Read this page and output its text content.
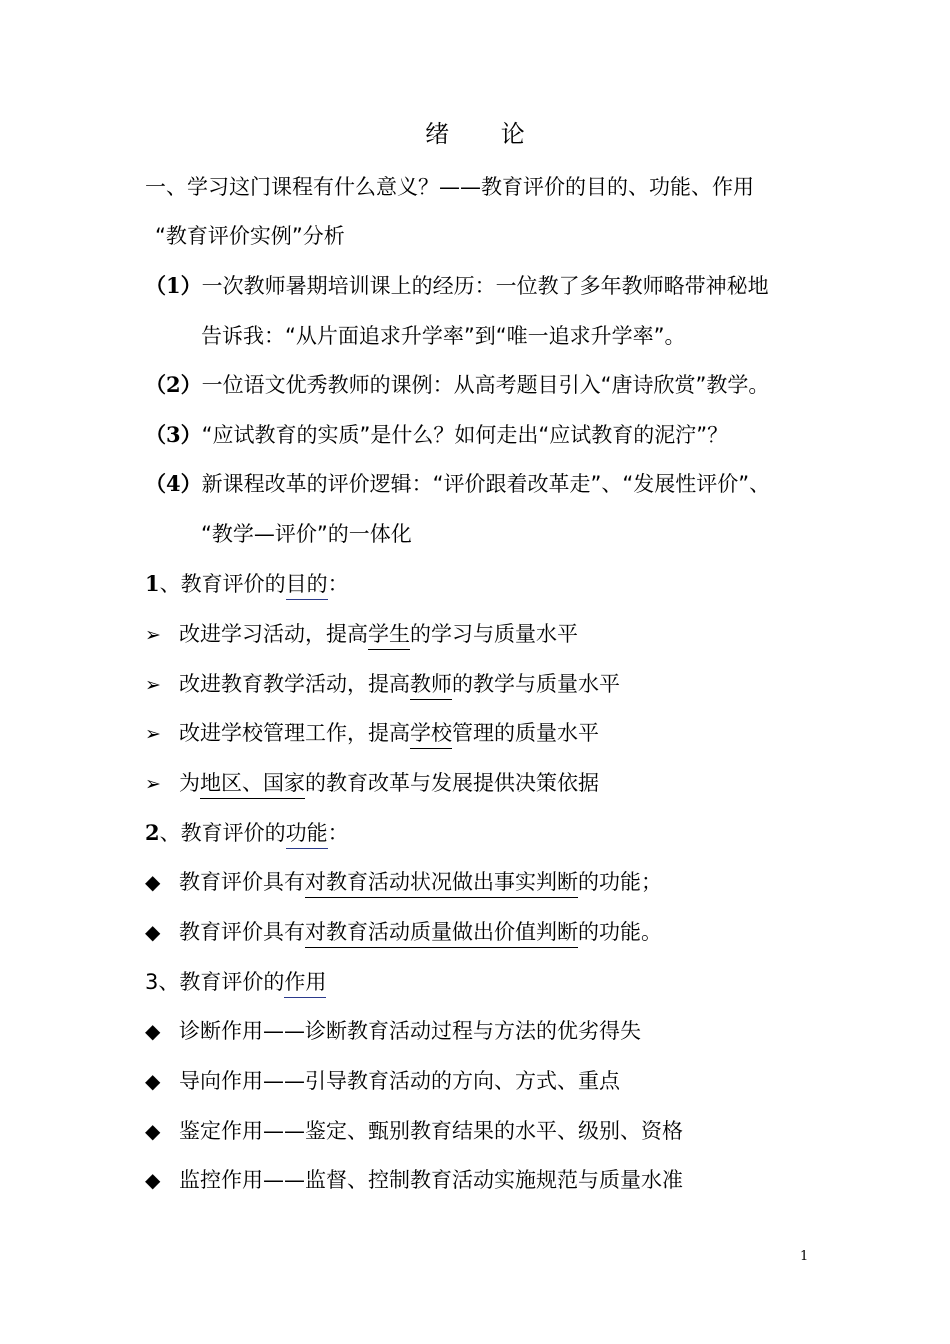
绪 论
一、学习这门课程有什么意义？——教育评价的目的、功能、作用
“教育评价实例”分析
（1）一次教师暑期培训课上的经历：一位教了多年教师略带神秘地
告诉我：“从片面追求升学率”到“唯一追求升学率”。
（2）一位语文优秀教师的课例：从高考题目引入“唐诗欣赏”教学。
（3）“应试教育的实质”是什么？如何走出“应试教育的泥泞”？
（4）新课程改革的评价逻辑：“评价跟着改革走”、“发展性评价”、
“教学—评价”的一体化
1、教育评价的目的：
➢ 改进学习活动，提高学生的学习与质量水平
➢ 改进教育教学活动，提高教师的教学与质量水平
➢ 改进学校管理工作，提高学校管理的质量水平
➢ 为地区、国家的教育改革与发展提供决策依据
2、教育评价的功能：
◆ 教育评价具有对教育活动状况做出事实判断的功能；
◆ 教育评价具有对教育活动质量做出价值判断的功能。
3、教育评价的作用
◆ 诊断作用——诊断教育活动过程与方法的优劣得失
◆ 导向作用——引导教育活动的方向、方式、重点
◆ 鉴定作用——鉴定、甄别教育结果的水平、级别、资格
◆ 监控作用——监督、控制教育活动实施规范与质量水准
1
